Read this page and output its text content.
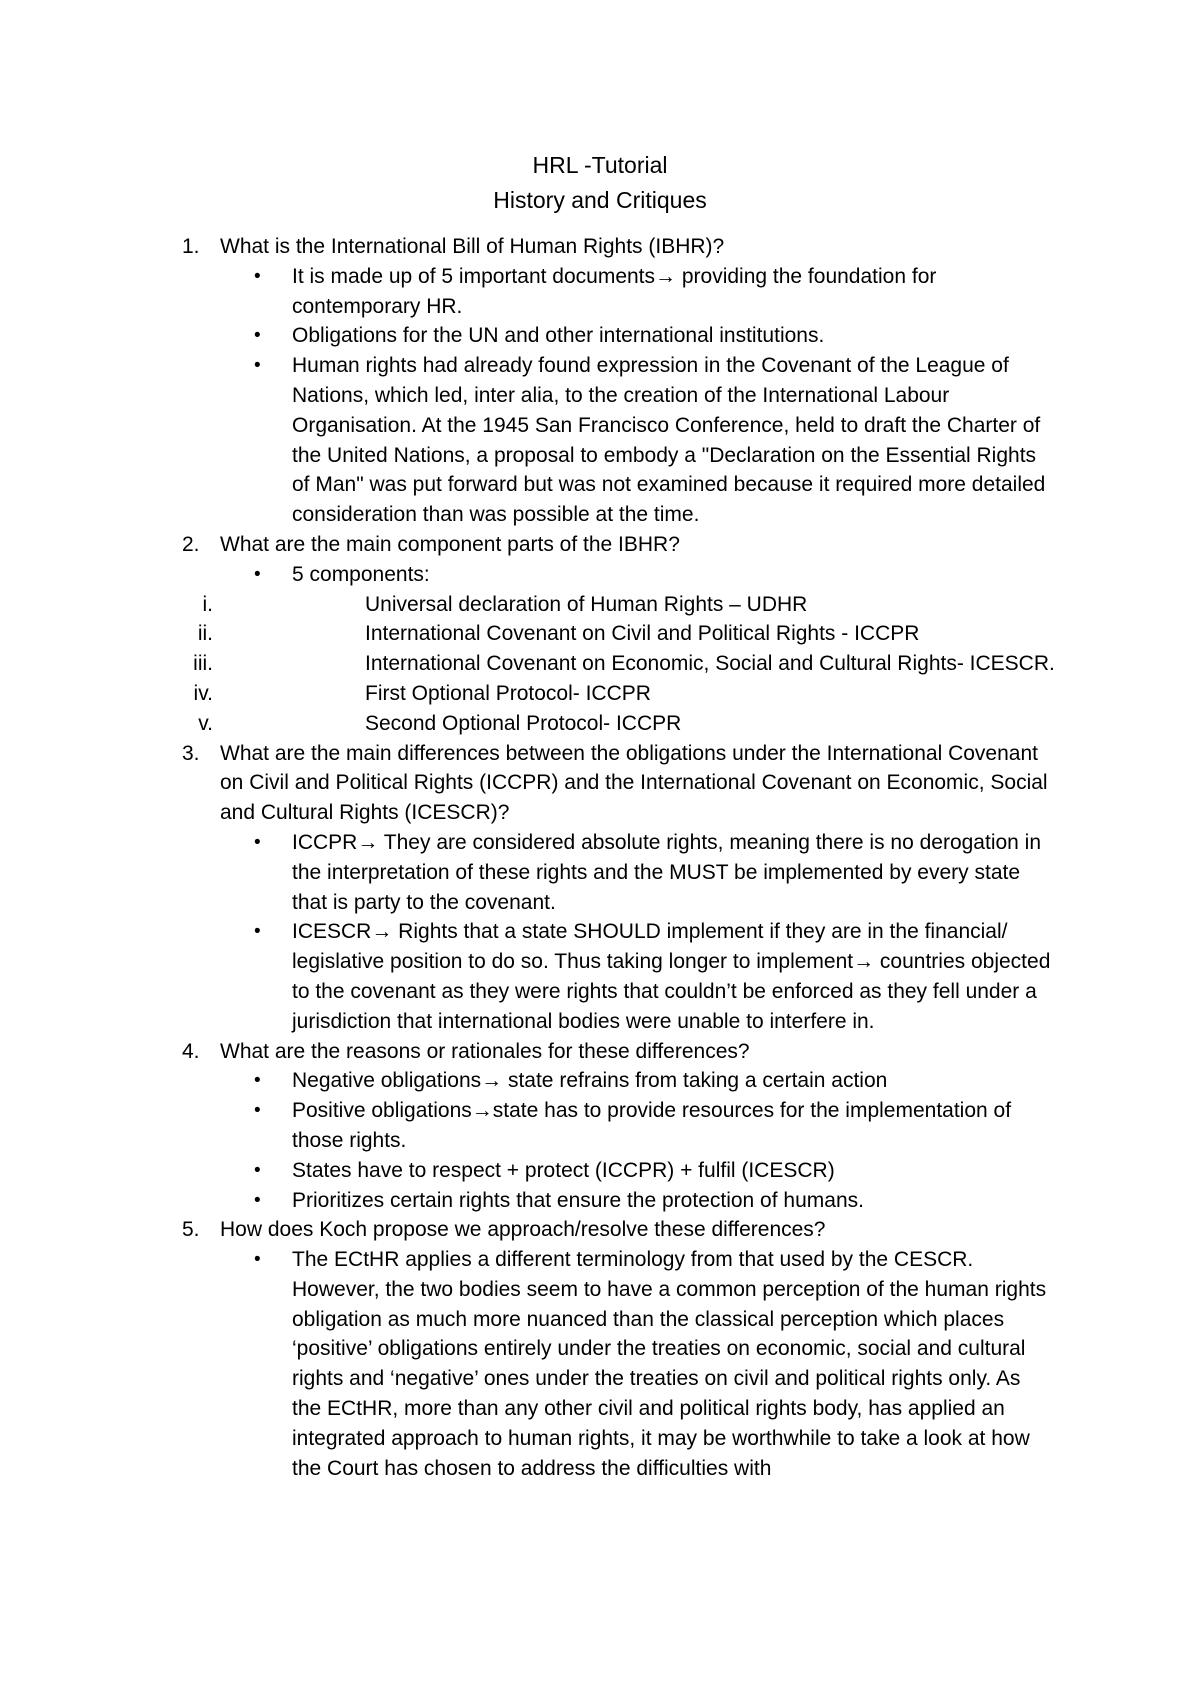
HRL -Tutorial
History and Critiques
1. What is the International Bill of Human Rights (IBHR)?
• It is made up of 5 important documents→ providing the foundation for contemporary HR.
• Obligations for the UN and other international institutions.
• Human rights had already found expression in the Covenant of the League of Nations, which led, inter alia, to the creation of the International Labour Organisation. At the 1945 San Francisco Conference, held to draft the Charter of the United Nations, a proposal to embody a "Declaration on the Essential Rights of Man" was put forward but was not examined because it required more detailed consideration than was possible at the time.
2. What are the main component parts of the IBHR?
• 5 components:
i.	Universal declaration of Human Rights – UDHR
ii.	International Covenant on Civil and Political Rights - ICCPR
iii.	International Covenant on Economic, Social and Cultural Rights- ICESCR.
iv.	First Optional Protocol- ICCPR
v.	Second Optional Protocol- ICCPR
3. What are the main differences between the obligations under the International Covenant on Civil and Political Rights (ICCPR) and the International Covenant on Economic, Social and Cultural Rights (ICESCR)?
• ICCPR→ They are considered absolute rights, meaning there is no derogation in the interpretation of these rights and the MUST be implemented by every state that is party to the covenant.
• ICESCR→ Rights that a state SHOULD implement if they are in the financial/ legislative position to do so. Thus taking longer to implement→ countries objected to the covenant as they were rights that couldn’t be enforced as they fell under a jurisdiction that international bodies were unable to interfere in.
4. What are the reasons or rationales for these differences?
• Negative obligations→ state refrains from taking a certain action
• Positive obligations→state has to provide resources for the implementation of those rights.
• States have to respect + protect (ICCPR) + fulfil (ICESCR)
• Prioritizes certain rights that ensure the protection of humans.
5. How does Koch propose we approach/resolve these differences?
• The ECtHR applies a different terminology from that used by the CESCR. However, the two bodies seem to have a common perception of the human rights obligation as much more nuanced than the classical perception which places ‘positive’ obligations entirely under the treaties on economic, social and cultural rights and ‘negative’ ones under the treaties on civil and political rights only. As the ECtHR, more than any other civil and political rights body, has applied an integrated approach to human rights, it may be worthwhile to take a look at how the Court has chosen to address the difficulties with
